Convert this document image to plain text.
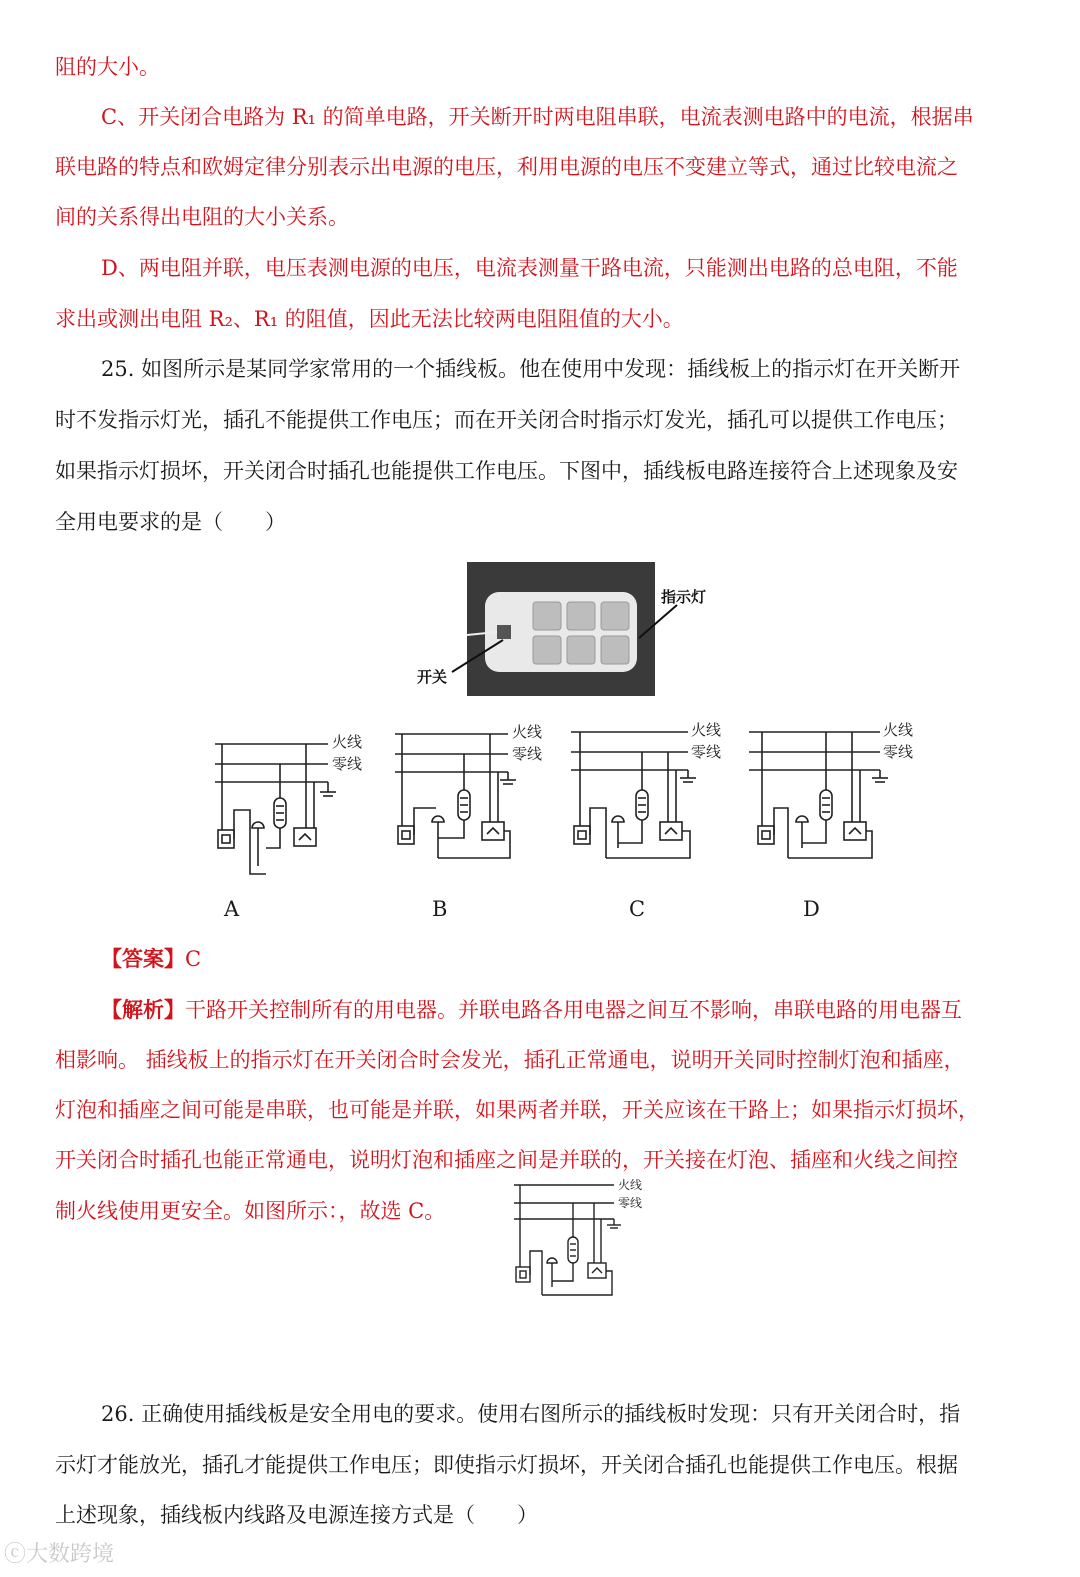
阻的大小。
C、开关闭合电路为 R₁ 的简单电路，开关断开时两电阻串联，电流表测电路中的电流，根据串
联电路的特点和欧姆定律分别表示出电源的电压，利用电源的电压不变建立等式，通过比较电流之
间的关系得出电阻的大小关系。
D、两电阻并联，电压表测电源的电压，电流表测量干路电流，只能测出电路的总电阻，不能
求出或测出电阻 R₂、R₁ 的阻值，因此无法比较两电阻阻值的大小。
25. 如图所示是某同学家常用的一个插线板。他在使用中发现：插线板上的指示灯在开关断开
时不发指示灯光，插孔不能提供工作电压；而在开关闭合时指示灯发光，插孔可以提供工作电压；
如果指示灯损坏，开关闭合时插孔也能提供工作电压。下图中，插线板电路连接符合上述现象及安
全用电要求的是（　　）
开关
指示灯
火线
零线
火线
零线
火线
零线
火线
零线
A	B	C	D
【答案】C
【解析】干路开关控制所有的用电器。并联电路各用电器之间互不影响，串联电路的用电器互
相影响。 插线板上的指示灯在开关闭合时会发光，插孔正常通电，说明开关同时控制灯泡和插座，
灯泡和插座之间可能是串联，也可能是并联，如果两者并联，开关应该在干路上；如果指示灯损坏，
开关闭合时插孔也能正常通电，说明灯泡和插座之间是并联的，开关接在灯泡、插座和火线之间控
制火线使用更安全。如图所示：，故选 C。
火线
零线
26. 正确使用插线板是安全用电的要求。使用右图所示的插线板时发现：只有开关闭合时，指
示灯才能放光，插孔才能提供工作电压；即使指示灯损坏，开关闭合插孔也能提供工作电压。根据
上述现象，插线板内线路及电源连接方式是（　　）
ⓒ大数跨境
